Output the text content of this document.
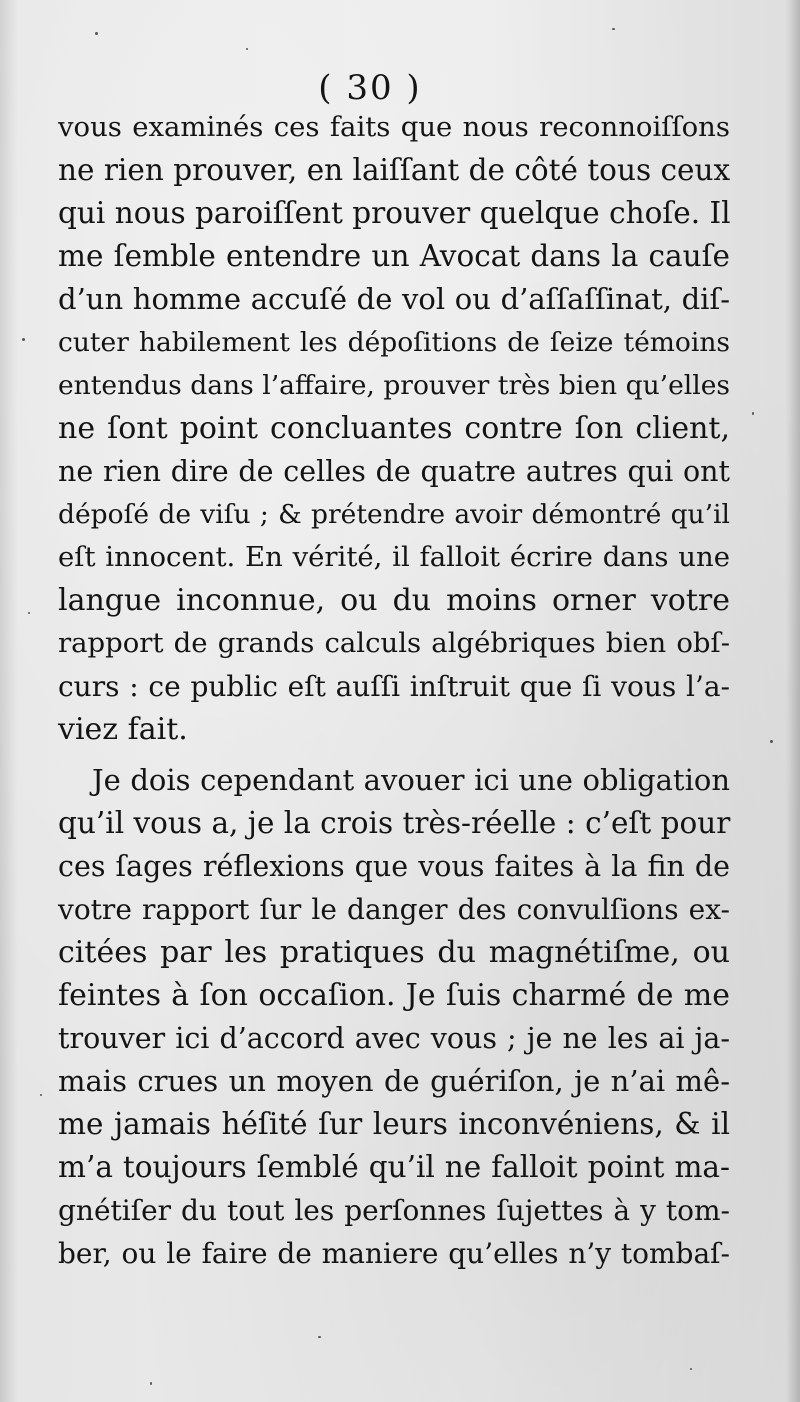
( 30 )
vous examinés ces faits que nous reconnoiſſons
ne rien prouver, en laiſſant de côté tous ceux
qui nous paroiſſent prouver quelque choſe. Il
me ſemble entendre un Avocat dans la cauſe
d’un homme accuſé de vol ou d’aſſaſſinat, diſ-
cuter habilement les dépoſitions de ſeize témoins
entendus dans l’affaire, prouver très bien qu’elles
ne ſont point concluantes contre ſon client,
ne rien dire de celles de quatre autres qui ont
dépoſé de viſu ; & prétendre avoir démontré qu’il
eſt innocent. En vérité, il falloit écrire dans une
langue inconnue, ou du moins orner votre
rapport de grands calculs algébriques bien obſ-
curs : ce public eſt auſſi inſtruit que ſi vous l’a-
viez fait.
Je dois cependant avouer ici une obligation
qu’il vous a, je la crois très-réelle : c’eſt pour
ces ſages réflexions que vous faites à la fin de
votre rapport ſur le danger des convulſions ex-
citées par les pratiques du magnétiſme, ou
feintes à ſon occaſion. Je ſuis charmé de me
trouver ici d’accord avec vous ; je ne les ai ja-
mais crues un moyen de guériſon, je n’ai mê-
me jamais héſité ſur leurs inconvéniens, & il
m’a toujours ſemblé qu’il ne falloit point ma-
gnétiſer du tout les perſonnes ſujettes à y tom-
ber, ou le faire de maniere qu’elles n’y tombaſ-
